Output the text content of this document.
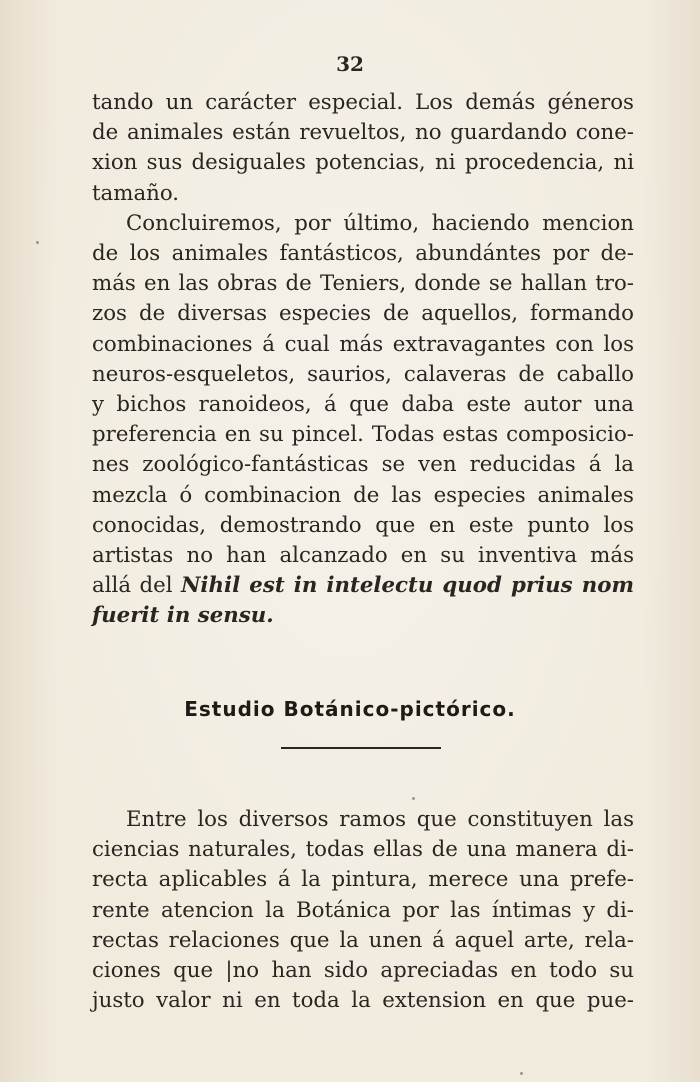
32
tando un carácter especial. Los demás géneros
de animales están revueltos, no guardando cone-
xion sus desiguales potencias, ni procedencia, ni
tamaño.
Concluiremos, por último, haciendo mencion
de los animales fantásticos, abundántes por de-
más en las obras de Teniers, donde se hallan tro-
zos de diversas especies de aquellos, formando
combinaciones á cual más extravagantes con los
neuros-esqueletos, saurios, calaveras de caballo
y bichos ranoideos, á que daba este autor una
preferencia en su pincel. Todas estas composicio-
nes zoológico-fantásticas se ven reducidas á la
mezcla ó combinacion de las especies animales
conocidas, demostrando que en este punto los
artistas no han alcanzado en su inventiva más
allá del Nihil est in intelectu quod prius nom
fuerit in sensu.
Estudio Botánico-pictórico.
Entre los diversos ramos que constituyen las
ciencias naturales, todas ellas de una manera di-
recta aplicables á la pintura, merece una prefe-
rente atencion la Botánica por las íntimas y di-
rectas relaciones que la unen á aquel arte, rela-
ciones que |no han sido apreciadas en todo su
justo valor ni en toda la extension en que pue-
